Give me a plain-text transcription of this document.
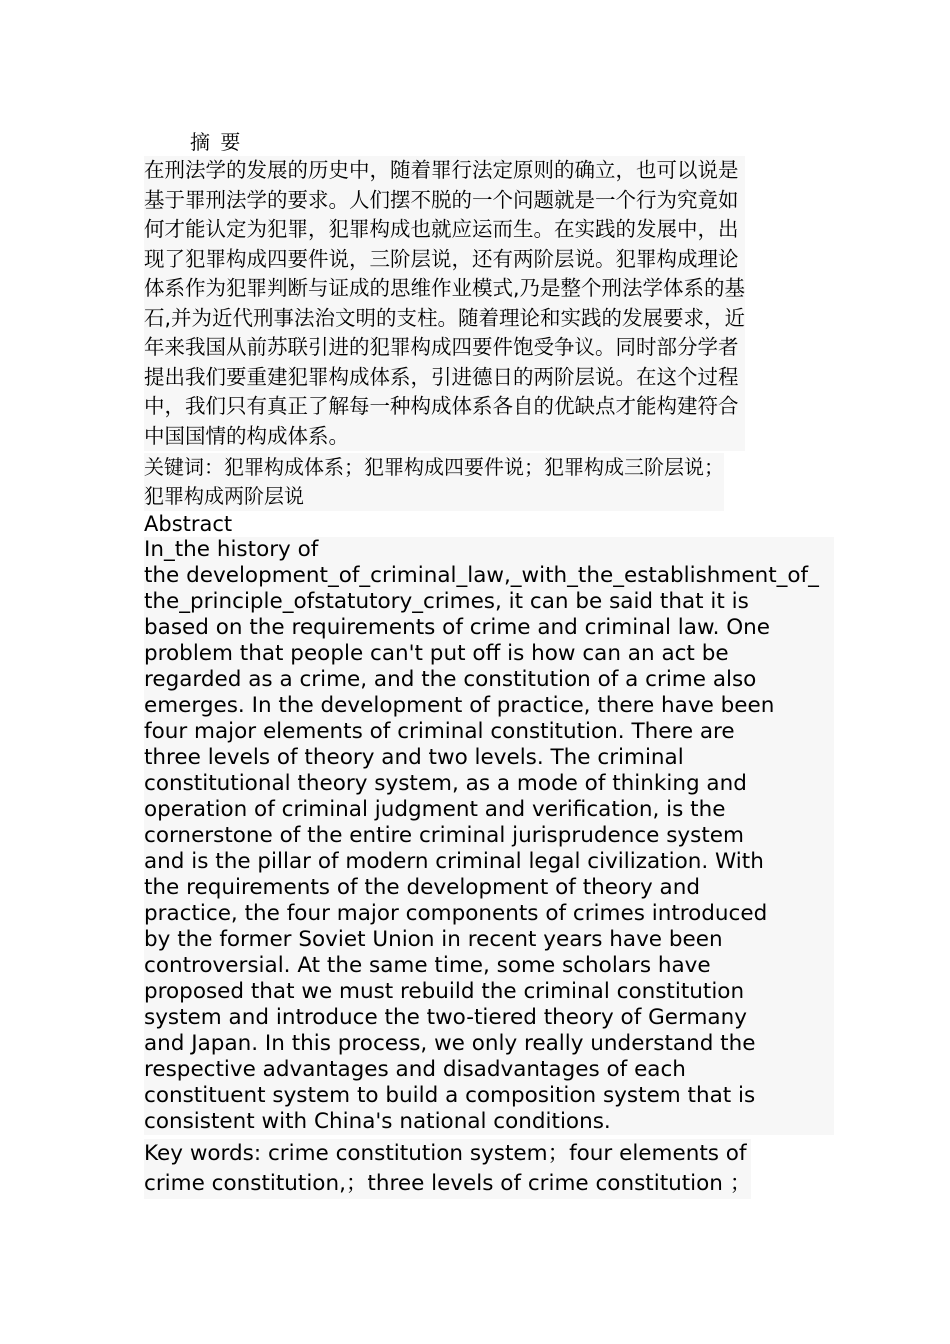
摘 要
在刑法学的发展的历史中，随着罪行法定原则的确立，也可以说是
基于罪刑法学的要求。人们摆不脱的一个问题就是一个行为究竟如
何才能认定为犯罪，犯罪构成也就应运而生。在实践的发展中，出
现了犯罪构成四要件说，三阶层说，还有两阶层说。犯罪构成理论
体系作为犯罪判断与证成的思维作业模式,乃是整个刑法学体系的基
石,并为近代刑事法治文明的支柱。随着理论和实践的发展要求，近
年来我国从前苏联引进的犯罪构成四要件饱受争议。同时部分学者
提出我们要重建犯罪构成体系，引进德日的两阶层说。在这个过程
中，我们只有真正了解每一种构成体系各自的优缺点才能构建符合
中国国情的构成体系。 关键词：犯罪构成体系；犯罪构成四要件说；犯罪构成三阶层说；
犯罪构成两阶层说
Abstract
In_the history of
the development_of_criminal_law,_with_the_establishment_of_
the_principle_ofstatutory_crimes, it can be said that it is
based on the requirements of crime and criminal law. One
problem that people can't put off is how can an act be
regarded as a crime, and the constitution of a crime also
emerges. In the development of practice, there have been
four major elements of criminal constitution. There are
three levels of theory and two levels. The criminal
constitutional theory system, as a mode of thinking and
operation of criminal judgment and verification, is the
cornerstone of the entire criminal jurisprudence system
and is the pillar of modern criminal legal civilization. With
the requirements of the development of theory and
practice, the four major components of crimes introduced
by the former Soviet Union in recent years have been
controversial. At the same time, some scholars have
proposed that we must rebuild the criminal constitution
system and introduce the two-tiered theory of Germany
and Japan. In this process, we only really understand the
respective advantages and disadvantages of each
constituent system to build a composition system that is
consistent with China's national conditions. Key words: crime constitution system；four elements of
crime constitution,；three levels of crime constitution ；
